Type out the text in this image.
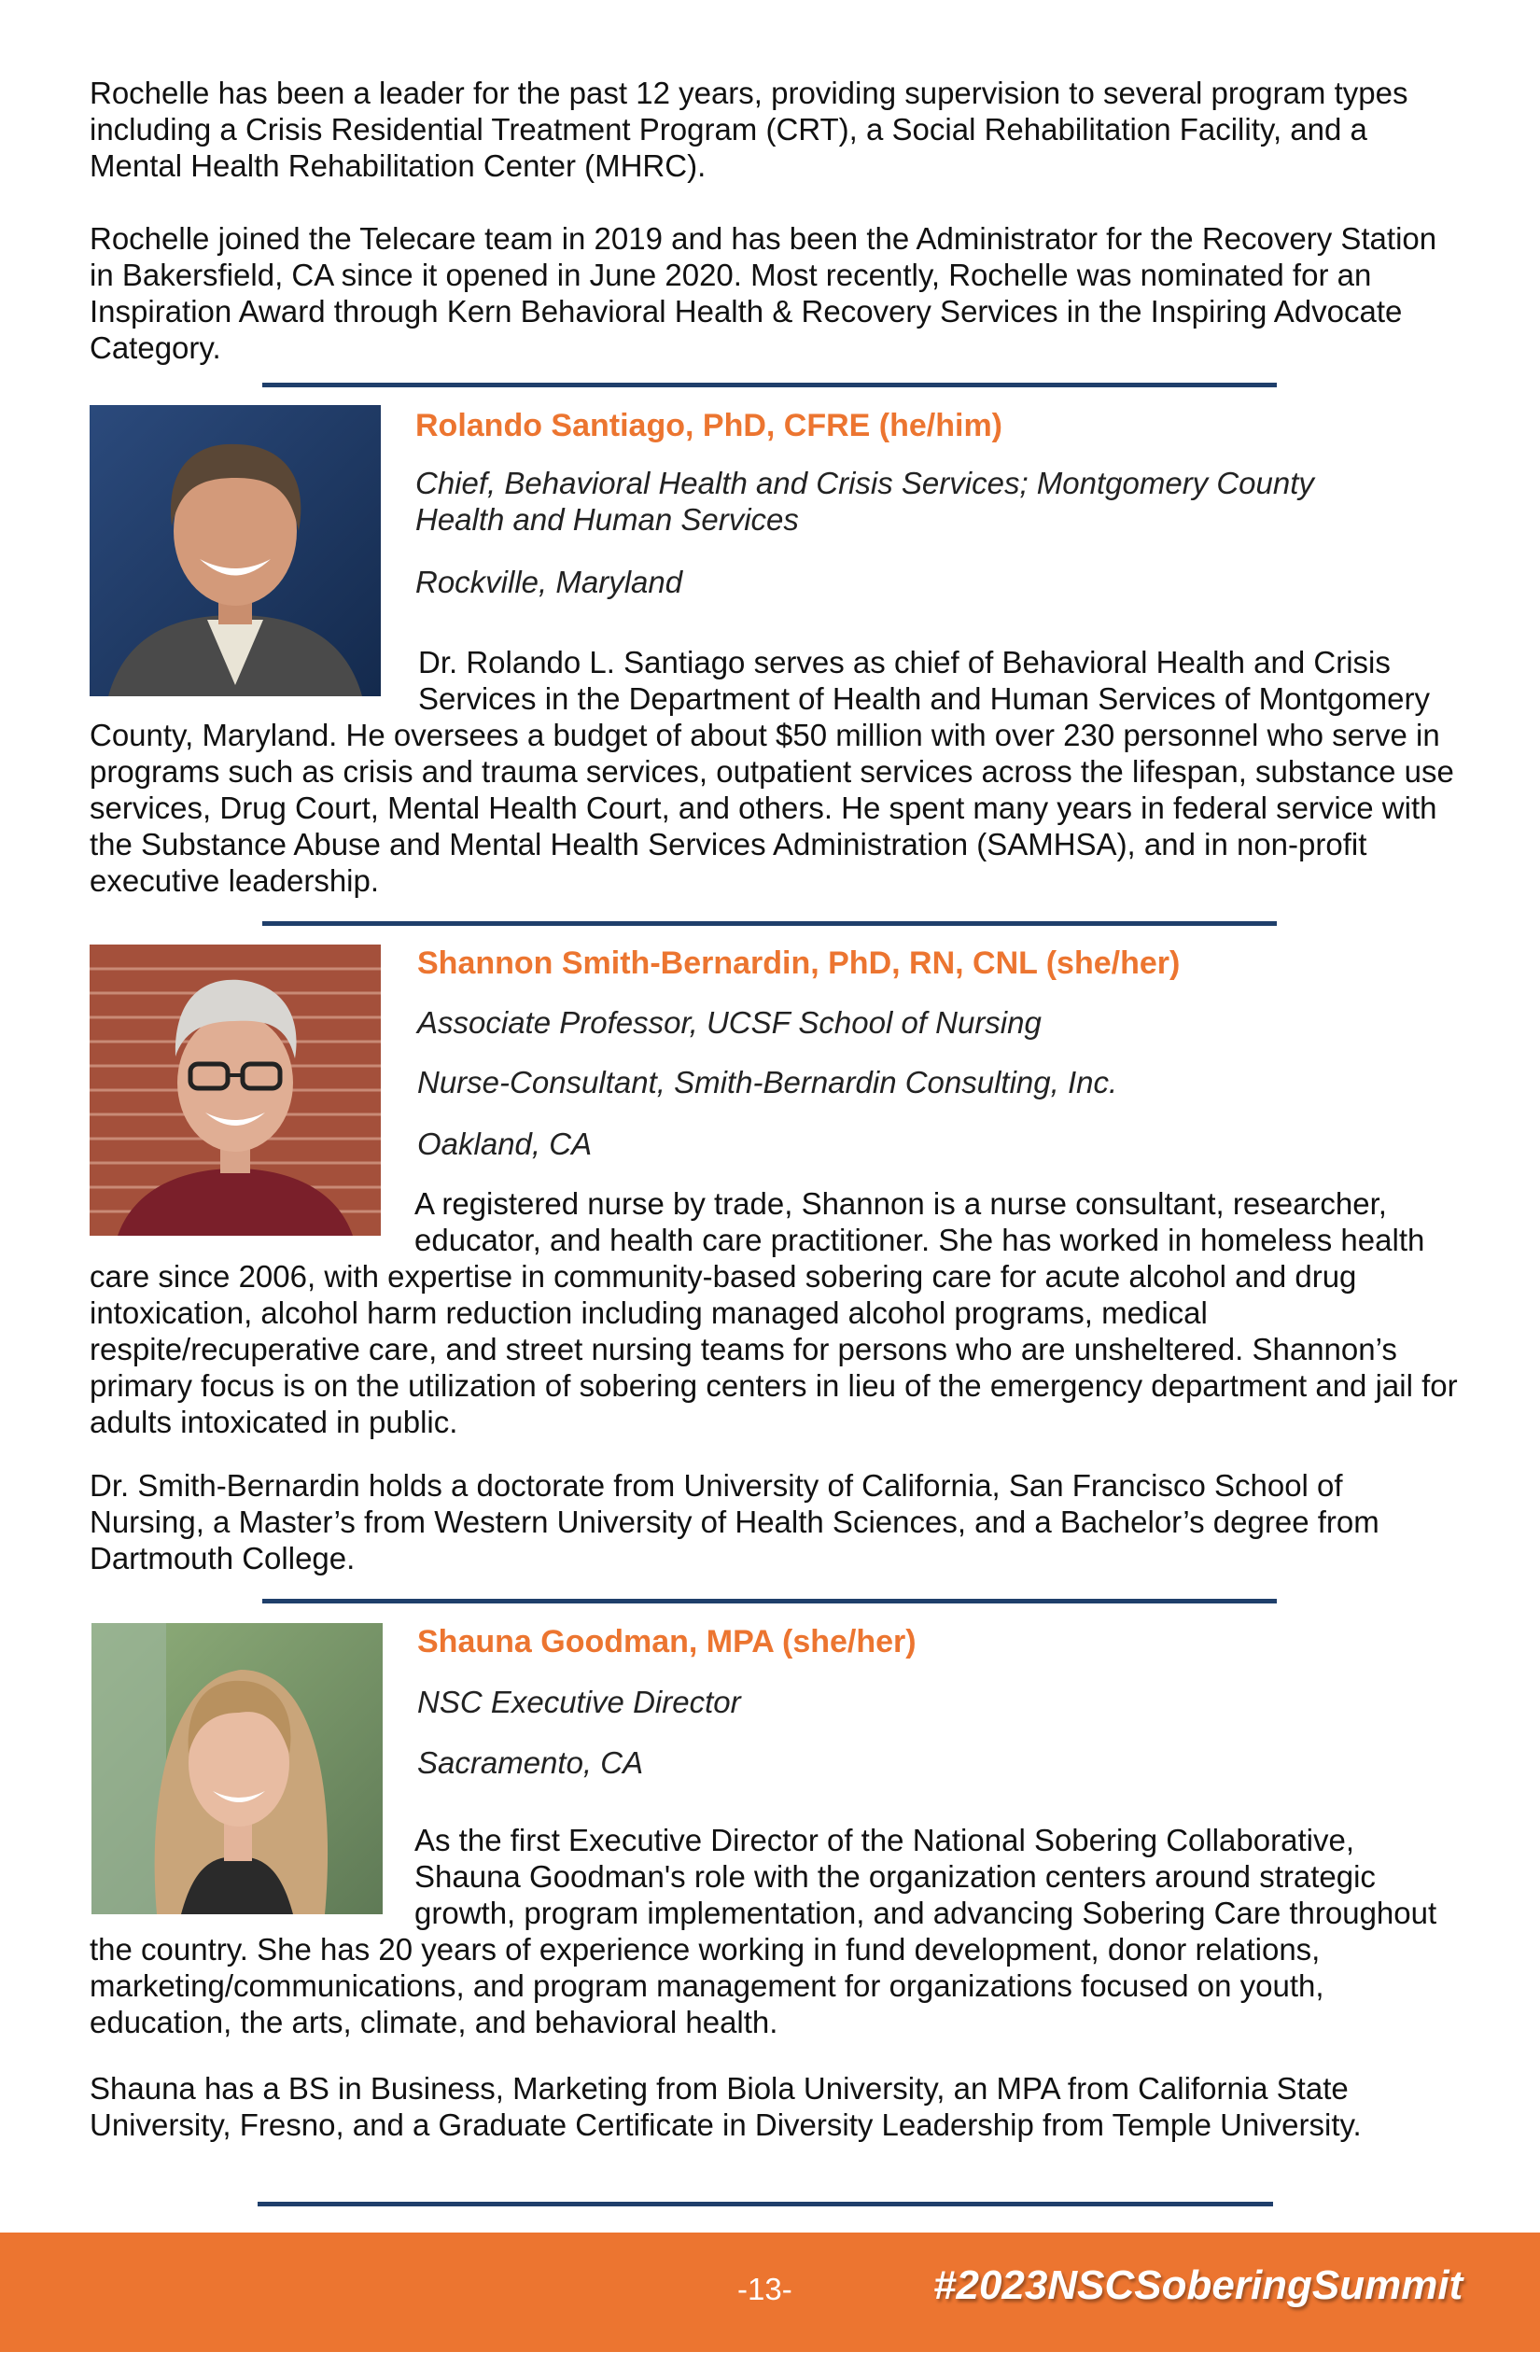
Rochelle has been a leader for the past 12 years, providing supervision to several program types including a Crisis Residential Treatment Program (CRT), a Social Rehabilitation Facility, and a Mental Health Rehabilitation Center (MHRC).

Rochelle joined the Telecare team in 2019 and has been the Administrator for the Recovery Station in Bakersfield, CA since it opened in June 2020. Most recently, Rochelle was nominated for an Inspiration Award through Kern Behavioral Health & Recovery Services in the Inspiring Advocate Category.

Rolando Santiago, PhD, CFRE (he/him)

Chief, Behavioral Health and Crisis Services; Montgomery County Health and Human Services

Rockville, Maryland

Dr. Rolando L. Santiago serves as chief of Behavioral Health and Crisis Services in the Department of Health and Human Services of Montgomery County, Maryland. He oversees a budget of about $50 million with over 230 personnel who serve in programs such as crisis and trauma services, outpatient services across the lifespan, substance use services, Drug Court, Mental Health Court, and others. He spent many years in federal service with the Substance Abuse and Mental Health Services Administration (SAMHSA), and in non-profit executive leadership.

Shannon Smith-Bernardin, PhD, RN, CNL (she/her)

Associate Professor, UCSF School of Nursing

Nurse-Consultant, Smith-Bernardin Consulting, Inc.

Oakland, CA

A registered nurse by trade, Shannon is a nurse consultant, researcher, educator, and health care practitioner. She has worked in homeless health care since 2006, with expertise in community-based sobering care for acute alcohol and drug intoxication, alcohol harm reduction including managed alcohol programs, medical respite/recuperative care, and street nursing teams for persons who are unsheltered. Shannon’s primary focus is on the utilization of sobering centers in lieu of the emergency department and jail for adults intoxicated in public.

Dr. Smith-Bernardin holds a doctorate from University of California, San Francisco School of Nursing, a Master’s from Western University of Health Sciences, and a Bachelor’s degree from Dartmouth College.

Shauna Goodman, MPA (she/her)

NSC Executive Director

Sacramento, CA

As the first Executive Director of the National Sobering Collaborative, Shauna Goodman's role with the organization centers around strategic growth, program implementation, and advancing Sobering Care throughout the country. She has 20 years of experience working in fund development, donor relations, marketing/communications, and program management for organizations focused on youth, education, the arts, climate, and behavioral health.

Shauna has a BS in Business, Marketing from Biola University, an MPA from California State University, Fresno, and a Graduate Certificate in Diversity Leadership from Temple University.

-13-	#2023NSCSoberingSummit
